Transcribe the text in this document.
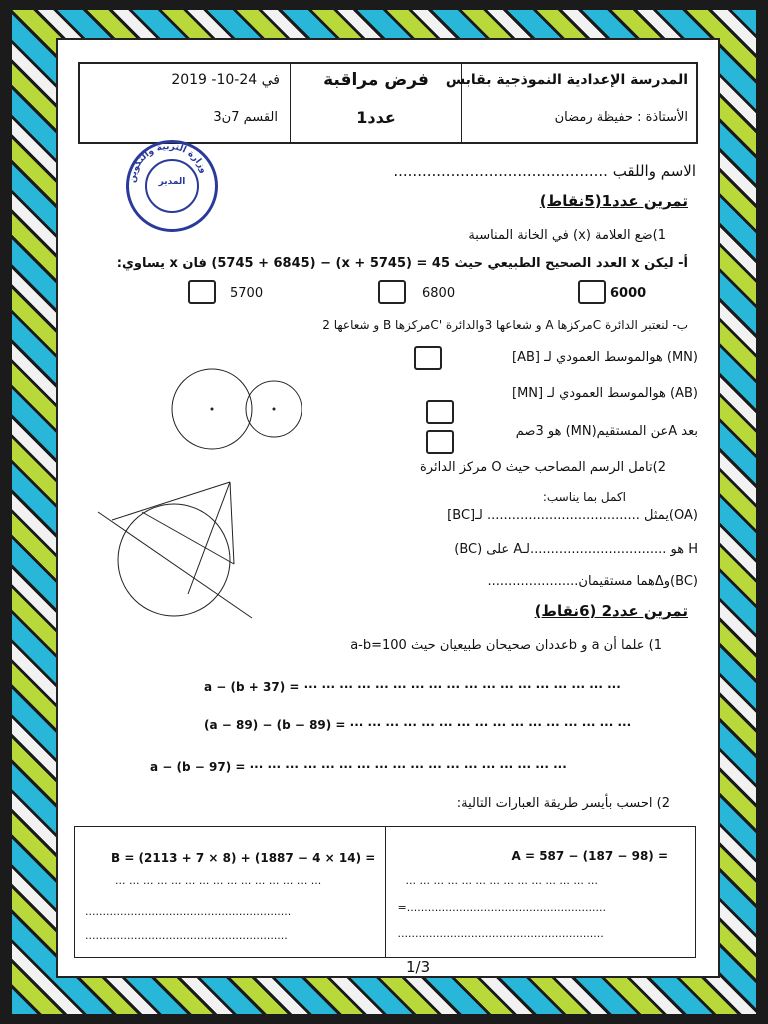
في 24-10- 2019
القسم 7ن3
فرض مراقبة
عدد1
المدرسة الإعدادية النموذجية بقابس
الأستاذة : حفيظة رمضان
وزارة التربية والتكوين
المدير
الاسم واللقب .............................................
تمرين عدد1(5نقاط)
1)ضع العلامة (x) في الخانة المناسبة
أ- ليكن x العدد الصحيح الطبيعي حيث 45 = (5745 + x) − (5745 + 6845) فان x يساوي:
6000
6800
5700
ب- لنعتبر الدائرة Cمركزها A و شعاعها 3والدائرة 'Cمركزها B و شعاعها 2
(MN) هوالموسط العمودي لـ [AB]
(AB) هوالموسط العمودي لـ [MN]
بعد Aعن المستقيم(MN) هو 3صم
2)تامل الرسم المصاحب حيث O مركز الدائرة
اكمل بما يناسب:
(OA)يمثل ..................................... لـ[BC]
H هو .................................لـA على (BC)
(BC)وΔهما مستقيمان......................
تمرين عدد2 (6نقاط)
1) علما أن a و bعددان صحيحان طبيعيان حيث a-b=100
a − (b + 37) = ··· ··· ··· ··· ··· ··· ··· ··· ··· ··· ··· ··· ··· ··· ··· ··· ··· ···
(a − 89) − (b − 89) = ··· ··· ··· ··· ··· ··· ··· ··· ··· ··· ··· ··· ··· ··· ··· ···
a − (b − 97) = ··· ··· ··· ··· ··· ··· ··· ··· ··· ··· ··· ··· ··· ··· ··· ··· ··· ···
2) احسب بأيسر طريقة العبارات التالية:
B = (2113 + 7 × 8) + (1887 − 4 × 14) =
··· ··· ··· ··· ··· ··· ··· ··· ··· ··· ··· ··· ··· ··· ···
...........................................................
..........................................................
A = 587 − (187 − 98) =
··· ··· ··· ··· ··· ··· ··· ··· ··· ··· ··· ··· ··· ···
=.........................................................
...........................................................
1/3
